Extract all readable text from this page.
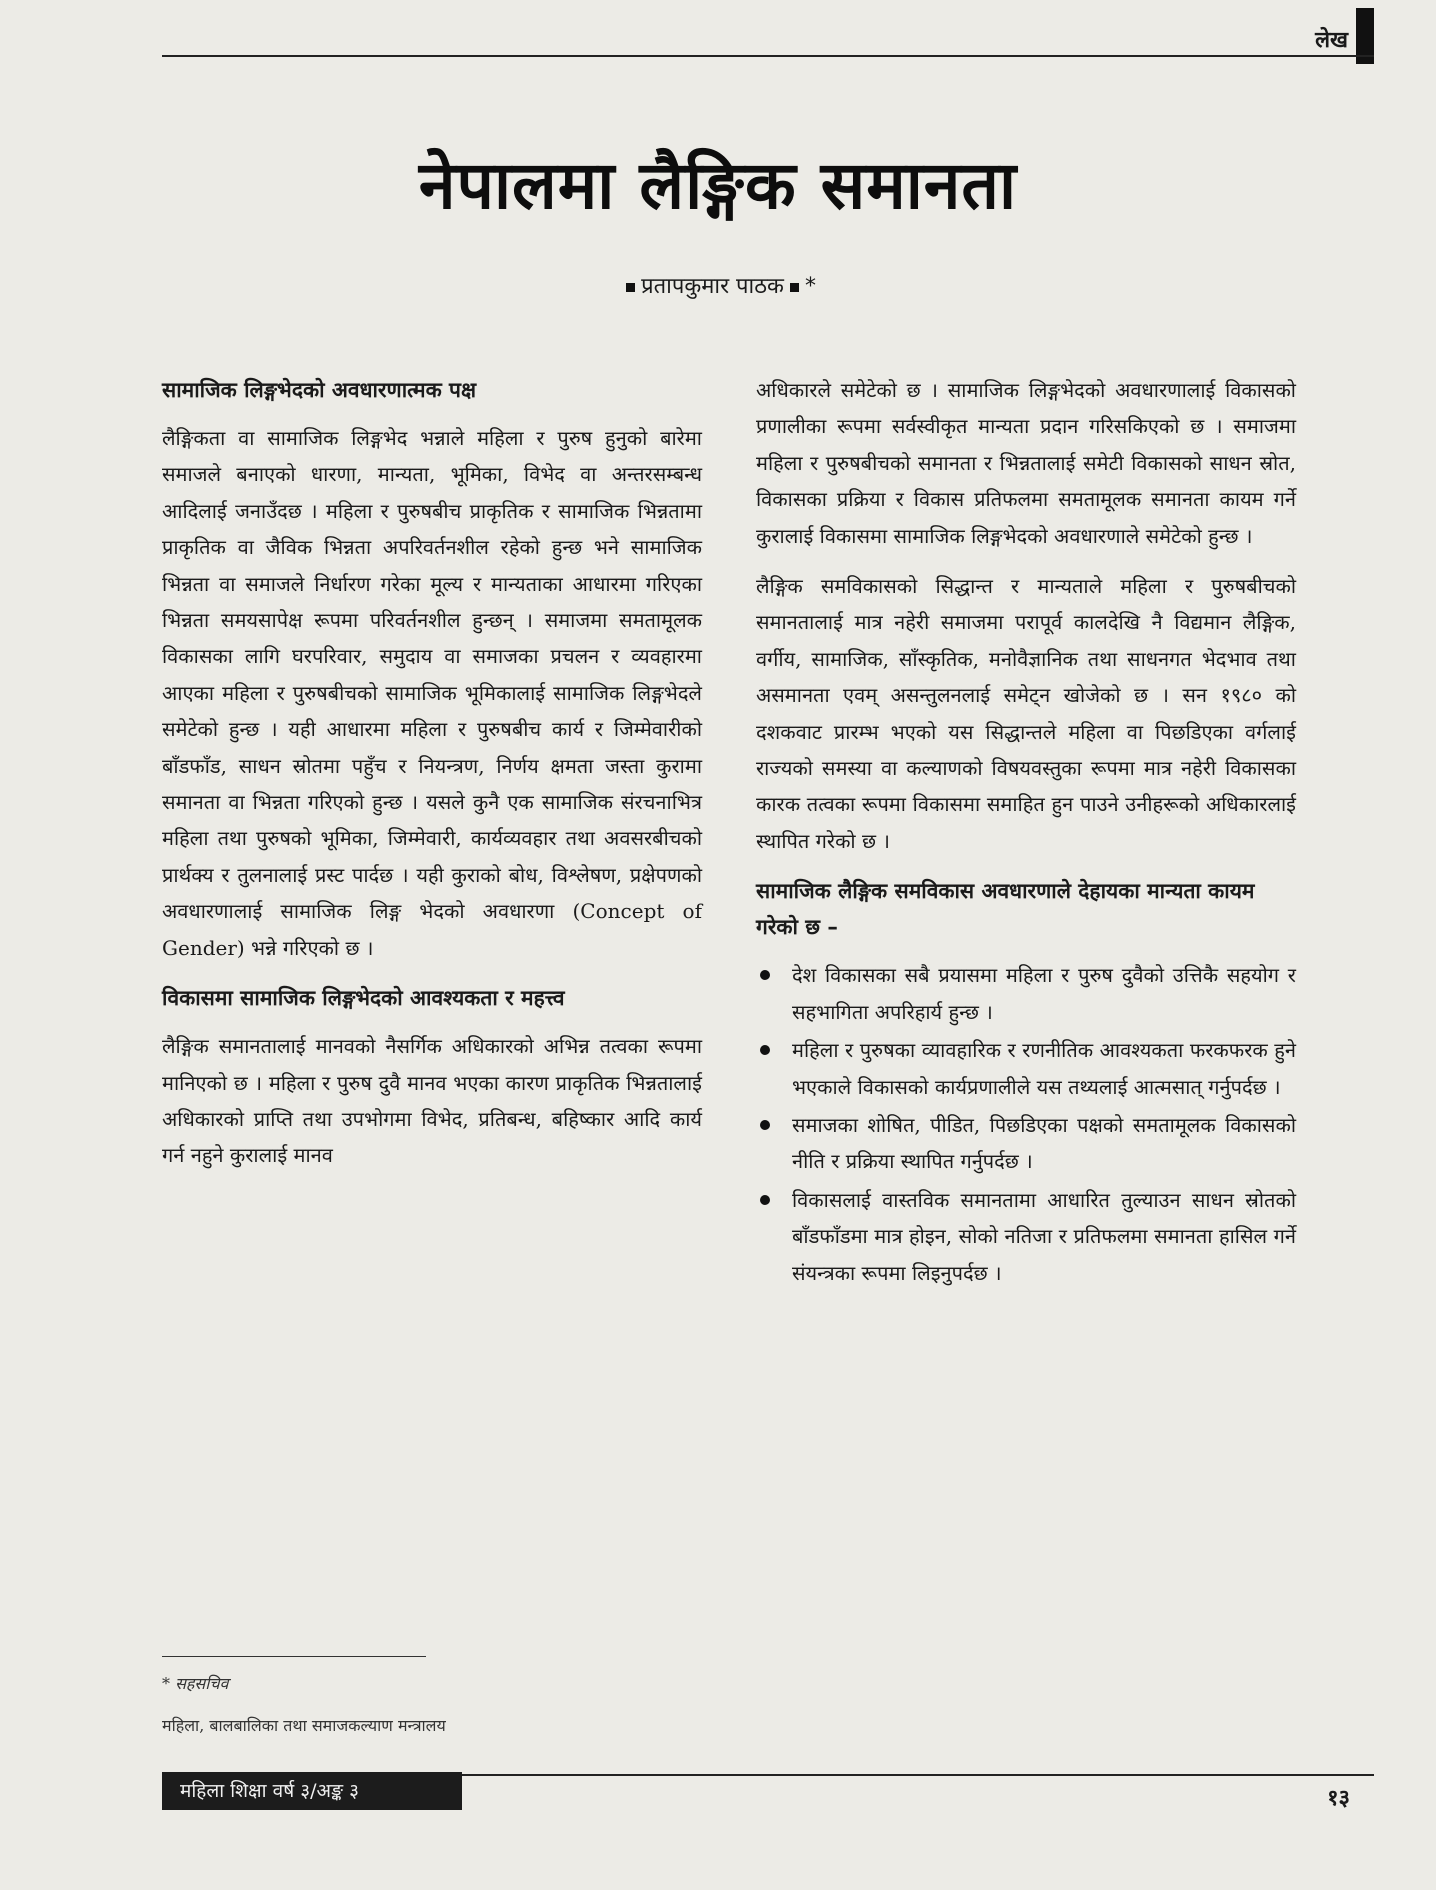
लेख
नेपालमा लैङ्गिक समानता
प्रतापकुमार पाठक *
सामाजिक लिङ्गभेदको अवधारणात्मक पक्ष

लैङ्गिकता वा सामाजिक लिङ्गभेद भन्नाले महिला र पुरुष हुनुको बारेमा समाजले बनाएको धारणा, मान्यता, भूमिका, विभेद वा अन्तरसम्बन्ध आदिलाई जनाउँदछ । महिला र पुरुषबीच प्राकृतिक र सामाजिक भिन्नतामा प्राकृतिक वा जैविक भिन्नता अपरिवर्तनशील रहेको हुन्छ भने सामाजिक भिन्नता वा समाजले निर्धारण गरेका मूल्य र मान्यताका आधारमा गरिएका भिन्नता समयसापेक्ष रूपमा परिवर्तनशील हुन्छन् । समाजमा समतामूलक विकासका लागि घरपरिवार, समुदाय वा समाजका प्रचलन र व्यवहारमा आएका महिला र पुरुषबीचको सामाजिक भूमिकालाई सामाजिक लिङ्गभेदले समेटेको हुन्छ । यही आधारमा महिला र पुरुषबीच कार्य र जिम्मेवारीको बाँडफाँड, साधन स्रोतमा पहुँच र नियन्त्रण, निर्णय क्षमता जस्ता कुरामा समानता वा भिन्नता गरिएको हुन्छ । यसले कुनै एक सामाजिक संरचनाभित्र महिला तथा पुरुषको भूमिका, जिम्मेवारी, कार्यव्यवहार तथा अवसरबीचको प्रार्थक्य र तुलनालाई प्रस्ट पार्दछ । यही कुराको बोध, विश्लेषण, प्रक्षेपणको अवधारणालाई सामाजिक लिङ्ग भेदको अवधारणा (Concept of Gender) भन्ने गरिएको छ ।

विकासमा सामाजिक लिङ्गभेदको आवश्यकता र महत्त्व

लैङ्गिक समानतालाई मानवको नैसर्गिक अधिकारको अभिन्न तत्वका रूपमा मानिएको छ । महिला र पुरुष दुवै मानव भएका कारण प्राकृतिक भिन्नतालाई अधिकारको प्राप्ति तथा उपभोगमा विभेद, प्रतिबन्ध, बहिष्कार आदि कार्य गर्न नहुने कुरालाई मानव

अधिकारले समेटेको छ । सामाजिक लिङ्गभेदको अवधारणालाई विकासको प्रणालीका रूपमा सर्वस्वीकृत मान्यता प्रदान गरिसकिएको छ । समाजमा महिला र पुरुषबीचको समानता र भिन्नतालाई समेटी विकासको साधन स्रोत, विकासका प्रक्रिया र विकास प्रतिफलमा समतामूलक समानता कायम गर्ने कुरालाई विकासमा सामाजिक लिङ्गभेदको अवधारणाले समेटेको हुन्छ ।

लैङ्गिक समविकासको सिद्धान्त र मान्यताले महिला र पुरुषबीचको समानतालाई मात्र नहेरी समाजमा परापूर्व कालदेखि नै विद्यमान लैङ्गिक, वर्गीय, सामाजिक, साँस्कृतिक, मनोवैज्ञानिक तथा साधनगत भेदभाव तथा असमानता एवम् असन्तुलनलाई समेट्न खोजेको छ । सन १९८० को दशकवाट प्रारम्भ भएको यस सिद्धान्तले महिला वा पिछडिएका वर्गलाई राज्यको समस्या वा कल्याणको विषयवस्तुका रूपमा मात्र नहेरी विकासका कारक तत्वका रूपमा विकासमा समाहित हुन पाउने उनीहरूको अधिकारलाई स्थापित गरेको छ ।

सामाजिक लैङ्गिक समविकास अवधारणाले देहायका मान्यता कायम गरेको छ –
देश विकासका सबै प्रयासमा महिला र पुरुष दुवैको उत्तिकै सहयोग र सहभागिता अपरिहार्य हुन्छ ।
महिला र पुरुषका व्यावहारिक र रणनीतिक आवश्यकता फरकफरक हुने भएकाले विकासको कार्यप्रणालीले यस तथ्यलाई आत्मसात् गर्नुपर्दछ ।
समाजका शोषित, पीडित, पिछडिएका पक्षको समतामूलक विकासको नीति र प्रक्रिया स्थापित गर्नुपर्दछ ।
विकासलाई वास्तविक समानतामा आधारित तुल्याउन साधन स्रोतको बाँडफाँडमा मात्र होइन, सोको नतिजा र प्रतिफलमा समानता हासिल गर्ने संयन्त्रका रूपमा लिइनुपर्दछ ।
* सहसचिव
महिला, बालबालिका तथा समाजकल्याण मन्त्रालय
महिला शिक्षा वर्ष ३/अङ्क ३	१३
